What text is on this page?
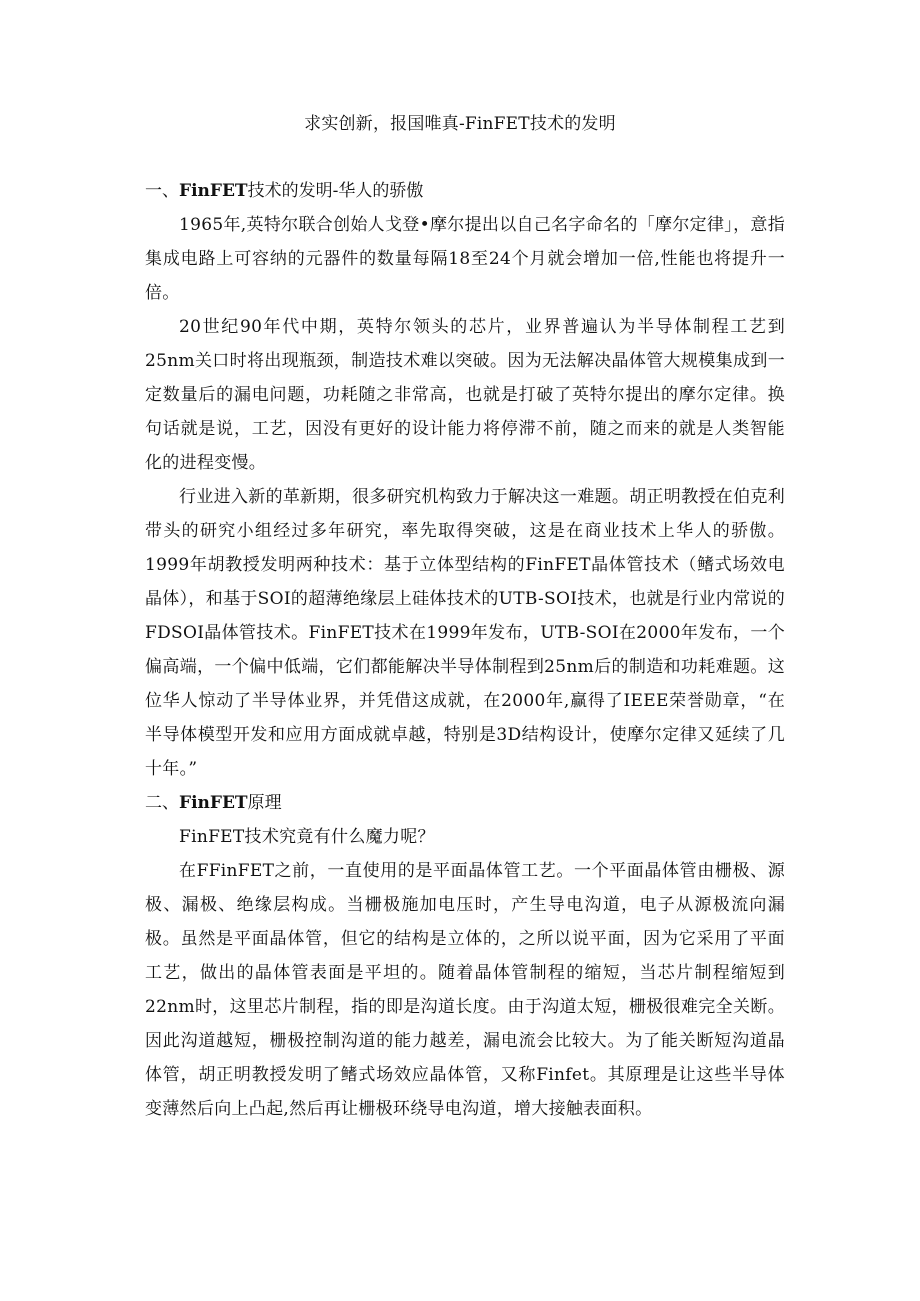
求实创新，报国唯真-FinFET技术的发明
一、FinFET技术的发明-华人的骄傲

1965年,英特尔联合创始人戈登•摩尔提出以自己名字命名的「摩尔定律」，意指集成电路上可容纳的元器件的数量每隔18至24个月就会增加一倍,性能也将提升一倍。

20世纪90年代中期，英特尔领头的芯片，业界普遍认为半导体制程工艺到25nm关口时将出现瓶颈，制造技术难以突破。因为无法解决晶体管大规模集成到一定数量后的漏电问题，功耗随之非常高，也就是打破了英特尔提出的摩尔定律。换句话就是说，工艺，因没有更好的设计能力将停滞不前，随之而来的就是人类智能化的进程变慢。

行业进入新的革新期，很多研究机构致力于解决这一难题。胡正明教授在伯克利带头的研究小组经过多年研究，率先取得突破，这是在商业技术上华人的骄傲。1999年胡教授发明两种技术：基于立体型结构的FinFET晶体管技术（鳍式场效电晶体），和基于SOI的超薄绝缘层上硅体技术的UTB-SOI技术，也就是行业内常说的FDSOI晶体管技术。FinFET技术在1999年发布，UTB-SOI在2000年发布，一个偏高端，一个偏中低端，它们都能解决半导体制程到25nm后的制造和功耗难题。这位华人惊动了半导体业界，并凭借这成就，在2000年,赢得了IEEE荣誉勋章，“在半导体模型开发和应用方面成就卓越，特别是3D结构设计，使摩尔定律又延续了几十年。”

二、FinFET原理

FinFET技术究竟有什么魔力呢？

在FFinFET之前，一直使用的是平面晶体管工艺。一个平面晶体管由栅极、源极、漏极、绝缘层构成。当栅极施加电压时，产生导电沟道，电子从源极流向漏极。虽然是平面晶体管，但它的结构是立体的，之所以说平面，因为它采用了平面工艺，做出的晶体管表面是平坦的。随着晶体管制程的缩短，当芯片制程缩短到22nm时，这里芯片制程，指的即是沟道长度。由于沟道太短，栅极很难完全关断。因此沟道越短，栅极控制沟道的能力越差，漏电流会比较大。为了能关断短沟道晶体管，胡正明教授发明了鳍式场效应晶体管，又称Finfet。其原理是让这些半导体变薄然后向上凸起,然后再让栅极环绕导电沟道，增大接触表面积。
